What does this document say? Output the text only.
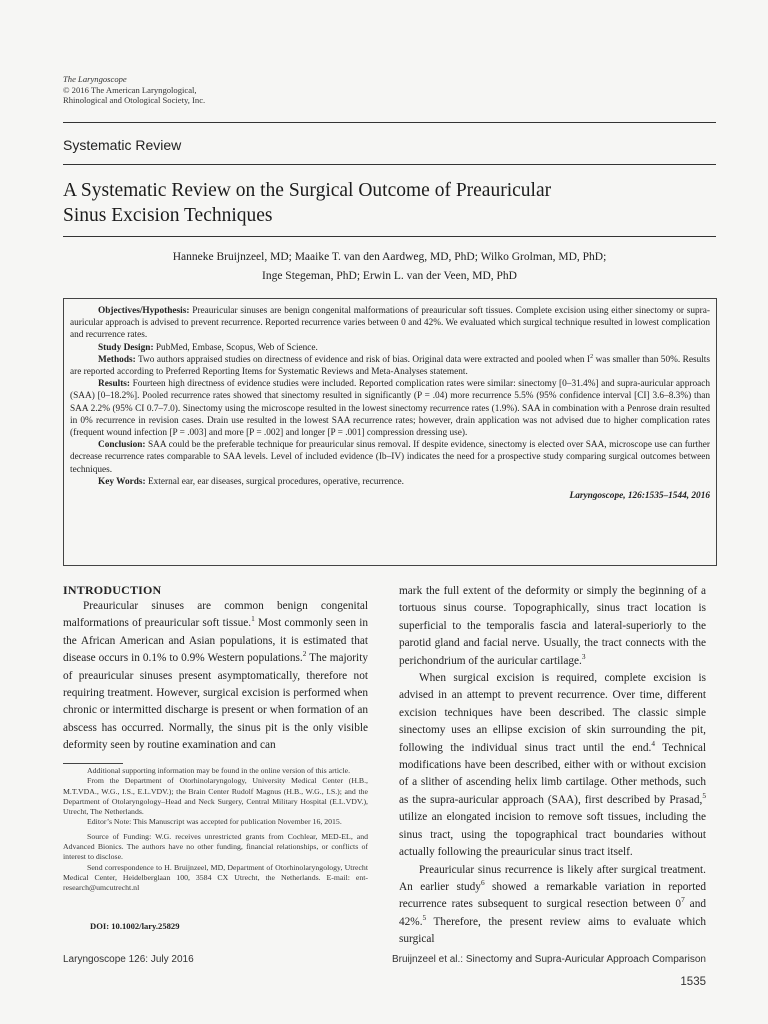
The Laryngoscope
© 2016 The American Laryngological,
Rhinological and Otological Society, Inc.
Systematic Review
A Systematic Review on the Surgical Outcome of Preauricular
Sinus Excision Techniques
Hanneke Bruijnzeel, MD; Maaike T. van den Aardweg, MD, PhD; Wilko Grolman, MD, PhD;
Inge Stegeman, PhD; Erwin L. van der Veen, MD, PhD

Objectives/Hypothesis: Preauricular sinuses are benign congenital malformations of preauricular soft tissues. Complete excision using either sinectomy or supra-auricular approach is advised to prevent recurrence. Reported recurrence varies between 0 and 42%. We evaluated which surgical technique resulted in lowest complication and recurrence rates.

Study Design: PubMed, Embase, Scopus, Web of Science.

Methods: Two authors appraised studies on directness of evidence and risk of bias. Original data were extracted and pooled when $I^2$ was smaller than 50%. Results are reported according to Preferred Reporting Items for Systematic Reviews and Meta-Analyses statement.

Results: Fourteen high directness of evidence studies were included. Reported complication rates were similar: sinectomy [0–31.4%] and supra-auricular approach (SAA) [0–18.2%]. Pooled recurrence rates showed that sinectomy resulted in significantly (P = .04) more recurrence 5.5% (95% confidence interval [CI] 3.6–8.3%) than SAA 2.2% (95% CI 0.7–7.0). Sinectomy using the microscope resulted in the lowest sinectomy recurrence rates (1.9%). SAA in combination with a Penrose drain resulted in 0% recurrence in revision cases. Drain use resulted in the lowest SAA recurrence rates; however, drain application was not advised due to higher complication rates (frequent wound infection [P = .003] and more [P = .002] and longer [P = .001] compression dressing use).

Conclusion: SAA could be the preferable technique for preauricular sinus removal. If despite evidence, sinectomy is elected over SAA, microscope use can further decrease recurrence rates comparable to SAA levels. Level of included evidence (Ib–IV) indicates the need for a prospective study comparing surgical outcomes between techniques.

Key Words: External ear, ear diseases, surgical procedures, operative, recurrence.

Laryngoscope, 126:1535–1544, 2016

INTRODUCTION

Preauricular sinuses are common benign congenital malformations of preauricular soft tissue.$^1$ Most commonly seen in the African American and Asian populations, it is estimated that disease occurs in 0.1% to 0.9% Western populations.$^2$ The majority of preauricular sinuses present asymptomatically, therefore not requiring treatment. However, surgical excision is performed when chronic or intermitted discharge is present or when formation of an abscess has occurred. Normally, the sinus pit is the only visible deformity seen by routine examination and can

Additional supporting information may be found in the online version of this article.

From the Department of Otorhinolaryngology, University Medical Center (H.B., M.T.VDA., W.G., I.S., E.L.VDV.); the Brain Center Rudolf Magnus (H.B., W.G., I.S.); and the Department of Otolaryngology–Head and Neck Surgery, Central Military Hospital (E.L.VDV.), Utrecht, The Netherlands.

Editor’s Note: This Manuscript was accepted for publication November 16, 2015.

Source of Funding: W.G. receives unrestricted grants from Cochlear, MED-EL, and Advanced Bionics. The authors have no other funding, financial relationships, or conflicts of interest to disclose.

Send correspondence to H. Bruijnzeel, MD, Department of Otorhinolaryngology, Utrecht Medical Center, Heidelberglaan 100, 3584 CX Utrecht, the Netherlands. E-mail: ent-research@umcutrecht.nl

DOI: 10.1002/lary.25829

mark the full extent of the deformity or simply the beginning of a tortuous sinus course. Topographically, sinus tract location is superficial to the temporalis fascia and lateral-superiorly to the parotid gland and facial nerve. Usually, the tract connects with the perichondrium of the auricular cartilage.$^3$

When surgical excision is required, complete excision is advised in an attempt to prevent recurrence. Over time, different excision techniques have been described. The classic simple sinectomy uses an ellipse excision of skin surrounding the pit, following the individual sinus tract until the end.$^4$ Technical modifications have been described, either with or without excision of a slither of ascending helix limb cartilage. Other methods, such as the supra-auricular approach (SAA), first described by Prasad,$^5$ utilize an elongated incision to remove soft tissues, including the sinus tract, using the topographical tract boundaries without actually following the preauricular sinus tract itself.

Preauricular sinus recurrence is likely after surgical treatment. An earlier study$^6$ showed a remarkable variation in reported recurrence rates subsequent to surgical resection between $0^7$ and 42%.$^5$ Therefore, the present review aims to evaluate which surgical

Laryngoscope 126: July 2016	Bruijnzeel et al.: Sinectomy and Supra-Auricular Approach Comparison
1535
